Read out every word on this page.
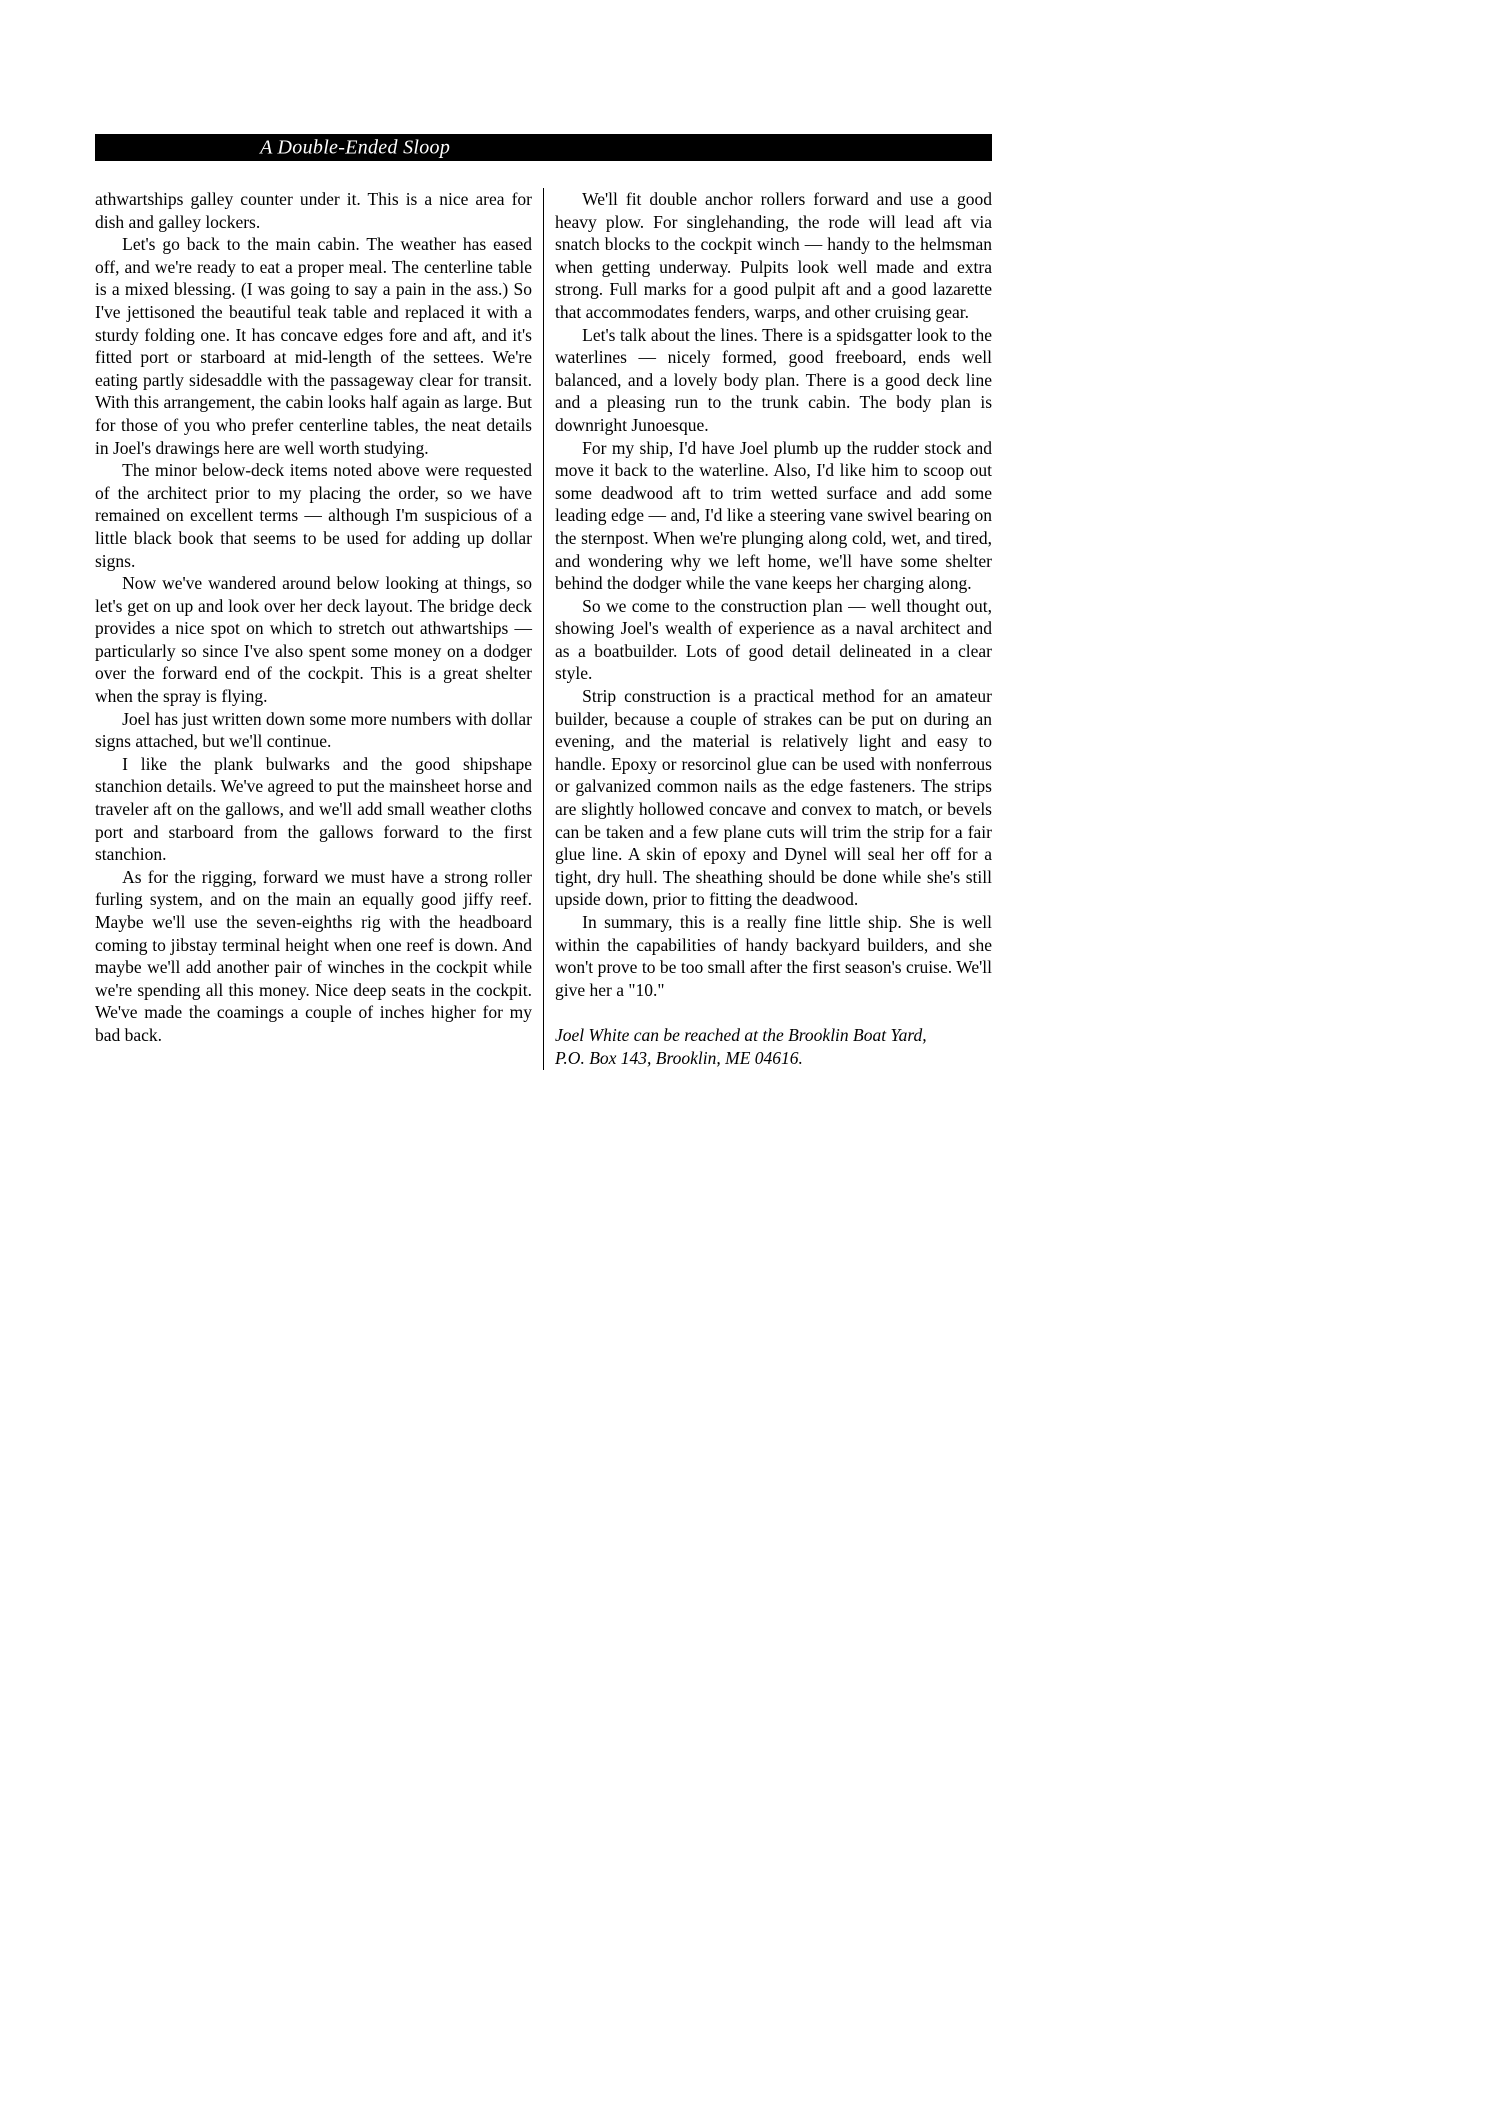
A Double-Ended Sloop

athwartships galley counter under it. This is a nice area for dish and galley lockers.

Let's go back to the main cabin. The weather has eased off, and we're ready to eat a proper meal. The centerline table is a mixed blessing. (I was going to say a pain in the ass.) So I've jettisoned the beautiful teak table and replaced it with a sturdy folding one. It has concave edges fore and aft, and it's fitted port or starboard at mid-length of the settees. We're eating partly sidesaddle with the passageway clear for transit. With this arrangement, the cabin looks half again as large. But for those of you who prefer centerline tables, the neat details in Joel's drawings here are well worth studying.

The minor below-deck items noted above were requested of the architect prior to my placing the order, so we have remained on excellent terms — although I'm suspicious of a little black book that seems to be used for adding up dollar signs.

Now we've wandered around below looking at things, so let's get on up and look over her deck layout. The bridge deck provides a nice spot on which to stretch out athwartships — particularly so since I've also spent some money on a dodger over the forward end of the cockpit. This is a great shelter when the spray is flying.

Joel has just written down some more numbers with dollar signs attached, but we'll continue.

I like the plank bulwarks and the good shipshape stanchion details. We've agreed to put the mainsheet horse and traveler aft on the gallows, and we'll add small weather cloths port and starboard from the gallows forward to the first stanchion.

As for the rigging, forward we must have a strong roller furling system, and on the main an equally good jiffy reef. Maybe we'll use the seven-eighths rig with the headboard coming to jibstay terminal height when one reef is down. And maybe we'll add another pair of winches in the cockpit while we're spending all this money. Nice deep seats in the cockpit. We've made the coamings a couple of inches higher for my bad back.

We'll fit double anchor rollers forward and use a good heavy plow. For singlehanding, the rode will lead aft via snatch blocks to the cockpit winch — handy to the helmsman when getting underway. Pulpits look well made and extra strong. Full marks for a good pulpit aft and a good lazarette that accommodates fenders, warps, and other cruising gear.

Let's talk about the lines. There is a spidsgatter look to the waterlines — nicely formed, good freeboard, ends well balanced, and a lovely body plan. There is a good deck line and a pleasing run to the trunk cabin. The body plan is downright Junoesque.

For my ship, I'd have Joel plumb up the rudder stock and move it back to the waterline. Also, I'd like him to scoop out some deadwood aft to trim wetted surface and add some leading edge — and, I'd like a steering vane swivel bearing on the sternpost. When we're plunging along cold, wet, and tired, and wondering why we left home, we'll have some shelter behind the dodger while the vane keeps her charging along.

So we come to the construction plan — well thought out, showing Joel's wealth of experience as a naval architect and as a boatbuilder. Lots of good detail delineated in a clear style.

Strip construction is a practical method for an amateur builder, because a couple of strakes can be put on during an evening, and the material is relatively light and easy to handle. Epoxy or resorcinol glue can be used with nonferrous or galvanized common nails as the edge fasteners. The strips are slightly hollowed concave and convex to match, or bevels can be taken and a few plane cuts will trim the strip for a fair glue line. A skin of epoxy and Dynel will seal her off for a tight, dry hull. The sheathing should be done while she's still upside down, prior to fitting the deadwood.

In summary, this is a really fine little ship. She is well within the capabilities of handy backyard builders, and she won't prove to be too small after the first season's cruise. We'll give her a "10."

Joel White can be reached at the Brooklin Boat Yard,

P.O. Box 143, Brooklin, ME 04616.
